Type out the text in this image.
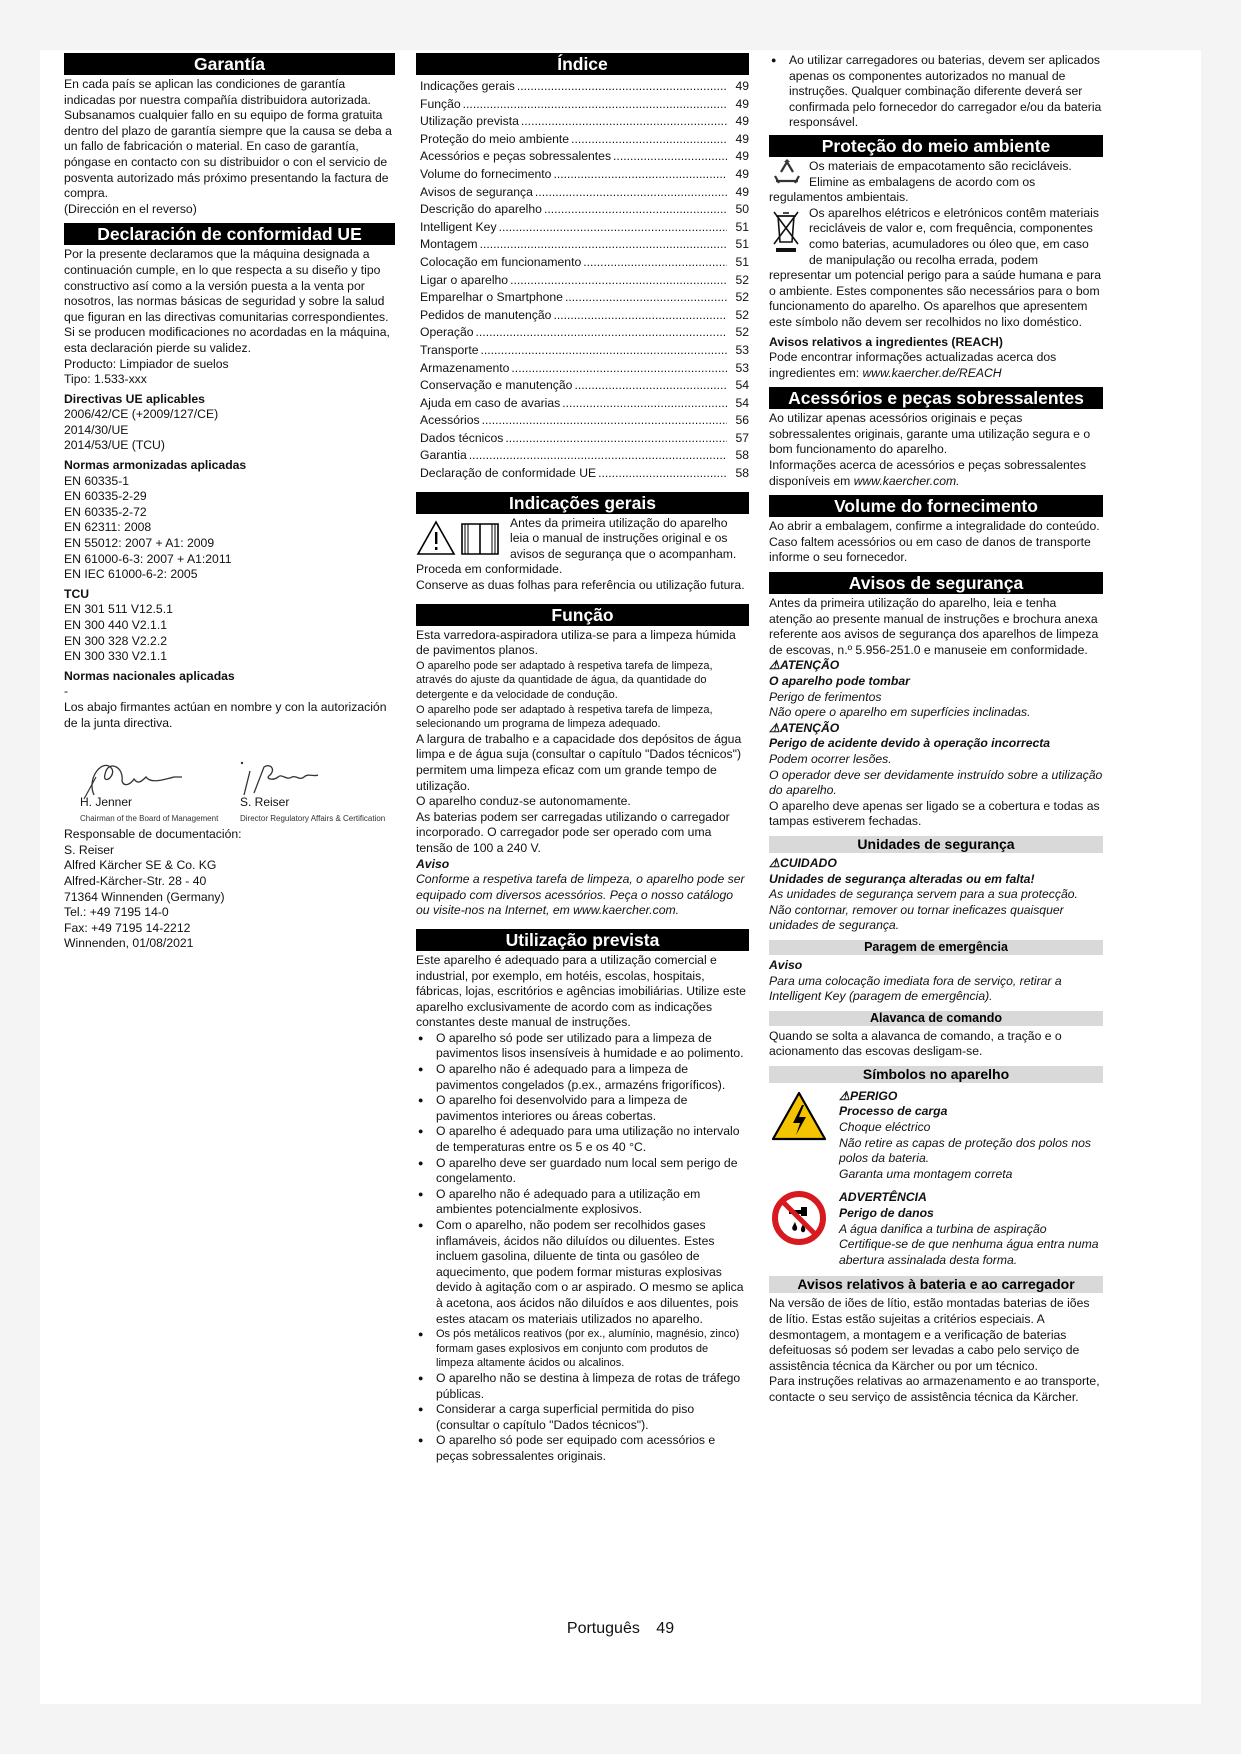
Garantía

En cada país se aplican las condiciones de garantía indicadas por nuestra compañía distribuidora autorizada. Subsanamos cualquier fallo en su equipo de forma gratuita dentro del plazo de garantía siempre que la causa se deba a un fallo de fabricación o material. En caso de garantía, póngase en contacto con su distribuidor o con el servicio de posventa autorizado más próximo presentando la factura de compra.

(Dirección en el reverso)

Declaración de conformidad UE

Por la presente declaramos que la máquina designada a continuación cumple, en lo que respecta a su diseño y tipo constructivo así como a la versión puesta a la venta por nosotros, las normas básicas de seguridad y sobre la salud que figuran en las directivas comunitarias correspondientes. Si se producen modificaciones no acordadas en la máquina, esta declaración pierde su validez.

Producto: Limpiador de suelos

Tipo: 1.533-xxx

Directivas UE aplicables

2006/42/CE (+2009/127/CE)

2014/30/UE

2014/53/UE (TCU)

Normas armonizadas aplicadas

EN 60335-1

EN 60335-2-29

EN 60335-2-72

EN 62311: 2008

EN 55012: 2007 + A1: 2009

EN 61000-6-3: 2007 + A1:2011

EN IEC 61000-6-2: 2005

TCU

EN 301 511 V12.5.1

EN 300 440 V2.1.1

EN 300 328 V2.2.2

EN 300 330 V2.1.1

Normas nacionales aplicadas

-

Los abajo firmantes actúan en nombre y con la autorización de la junta directiva.

H. Jenner
Chairman of the Board of Management
S. Reiser
Director Regulatory Affairs & Certification

Responsable de documentación:

S. Reiser

Alfred Kärcher SE & Co. KG

Alfred-Kärcher-Str. 28 - 40

71364 Winnenden (Germany)

Tel.: +49 7195 14-0

Fax: +49 7195 14-2212

Winnenden, 01/08/2021

Índice
Indicações gerais .....	49
Função .....	49
Utilização prevista .....	49
Proteção do meio ambiente .....	49
Acessórios e peças sobressalentes .....	49
Volume do fornecimento .....	49
Avisos de segurança .....	49
Descrição do aparelho .....	50
Intelligent Key .....	51
Montagem .....	51
Colocação em funcionamento .....	51
Ligar o aparelho .....	52
Emparelhar o Smartphone .....	52
Pedidos de manutenção .....	52
Operação .....	52
Transporte .....	53
Armazenamento .....	53
Conservação e manutenção .....	54
Ajuda em caso de avarias .....	54
Acessórios .....	56
Dados técnicos .....	57
Garantia .....	58
Declaração de conformidade UE .....	58
Indicações gerais

Antes da primeira utilização do aparelho leia o manual de instruções original e os avisos de segurança que o acompanham. Proceda em conformidade.

Conserve as duas folhas para referência ou utilização futura.

Função

Esta varredora-aspiradora utiliza-se para a limpeza húmida de pavimentos planos.

O aparelho pode ser adaptado à respetiva tarefa de limpeza, através do ajuste da quantidade de água, da quantidade do detergente e da velocidade de condução.

O aparelho pode ser adaptado à respetiva tarefa de limpeza, selecionando um programa de limpeza adequado.

A largura de trabalho e a capacidade dos depósitos de água limpa e de água suja (consultar o capítulo "Dados técnicos") permitem uma limpeza eficaz com um grande tempo de utilização.

O aparelho conduz-se autonomamente.

As baterias podem ser carregadas utilizando o carregador incorporado. O carregador pode ser operado com uma tensão de 100 a 240 V.

Aviso

Conforme a respetiva tarefa de limpeza, o aparelho pode ser equipado com diversos acessórios. Peça o nosso catálogo ou visite-nos na Internet, em www.kaercher.com.

Utilização prevista

Este aparelho é adequado para a utilização comercial e industrial, por exemplo, em hotéis, escolas, hospitais, fábricas, lojas, escritórios e agências imobiliárias. Utilize este aparelho exclusivamente de acordo com as indicações constantes deste manual de instruções.

● O aparelho só pode ser utilizado para a limpeza de pavimentos lisos insensíveis à humidade e ao polimento.
● O aparelho não é adequado para a limpeza de pavimentos congelados (p.ex., armazéns frigoríficos).
● O aparelho foi desenvolvido para a limpeza de pavimentos interiores ou áreas cobertas.
● O aparelho é adequado para uma utilização no intervalo de temperaturas entre os 5 e os 40 °C.
● O aparelho deve ser guardado num local sem perigo de congelamento.
● O aparelho não é adequado para a utilização em ambientes potencialmente explosivos.
● Com o aparelho, não podem ser recolhidos gases inflamáveis, ácidos não diluídos ou diluentes. Estes incluem gasolina, diluente de tinta ou gasóleo de aquecimento, que podem formar misturas explosivas devido à agitação com o ar aspirado. O mesmo se aplica à acetona, aos ácidos não diluídos e aos diluentes, pois estes atacam os materiais utilizados no aparelho.
● Os pós metálicos reativos (por ex., alumínio, magnésio, zinco) formam gases explosivos em conjunto com produtos de limpeza altamente ácidos ou alcalinos.
● O aparelho não se destina à limpeza de rotas de tráfego públicas.
● Considerar a carga superficial permitida do piso (consultar o capítulo "Dados técnicos").
● O aparelho só pode ser equipado com acessórios e peças sobressalentes originais.
● Ao utilizar carregadores ou baterias, devem ser aplicados apenas os componentes autorizados no manual de instruções. Qualquer combinação diferente deverá ser confirmada pelo fornecedor do carregador e/ou da bateria responsável.
Proteção do meio ambiente

Os materiais de empacotamento são recicláveis. Elimine as embalagens de acordo com os regulamentos ambientais.

Os aparelhos elétricos e eletrónicos contêm materiais recicláveis de valor e, com frequência, componentes como baterias, acumuladores ou óleo que, em caso de manipulação ou recolha errada, podem representar um potencial perigo para a saúde humana e para o ambiente. Estes componentes são necessários para o bom funcionamento do aparelho. Os aparelhos que apresentem este símbolo não devem ser recolhidos no lixo doméstico.

Avisos relativos a ingredientes (REACH)

Pode encontrar informações actualizadas acerca dos ingredientes em: www.kaercher.de/REACH

Acessórios e peças sobressalentes

Ao utilizar apenas acessórios originais e peças sobressalentes originais, garante uma utilização segura e o bom funcionamento do aparelho.

Informações acerca de acessórios e peças sobressalentes disponíveis em www.kaercher.com.

Volume do fornecimento

Ao abrir a embalagem, confirme a integralidade do conteúdo. Caso faltem acessórios ou em caso de danos de transporte informe o seu fornecedor.

Avisos de segurança

Antes da primeira utilização do aparelho, leia e tenha atenção ao presente manual de instruções e brochura anexa referente aos avisos de segurança dos aparelhos de limpeza de escovas, n.º 5.956-251.0 e manuseie em conformidade.

⚠ATENÇÃO

O aparelho pode tombar

Perigo de ferimentos

Não opere o aparelho em superfícies inclinadas.

⚠ATENÇÃO

Perigo de acidente devido à operação incorrecta

Podem ocorrer lesões.

O operador deve ser devidamente instruído sobre a utilização do aparelho.

O aparelho deve apenas ser ligado se a cobertura e todas as tampas estiverem fechadas.

Unidades de segurança

⚠CUIDADO

Unidades de segurança alteradas ou em falta!

As unidades de segurança servem para a sua protecção.

Não contornar, remover ou tornar ineficazes quaisquer unidades de segurança.

Paragem de emergência

Aviso

Para uma colocação imediata fora de serviço, retirar a Intelligent Key (paragem de emergência).

Alavanca de comando

Quando se solta a alavanca de comando, a tração e o acionamento das escovas desligam-se.

Símbolos no aparelho

⚠PERIGO

Processo de carga

Choque eléctrico

Não retire as capas de proteção dos polos nos polos da bateria.

Garanta uma montagem correta

ADVERTÊNCIA

Perigo de danos

A água danifica a turbina de aspiração

Certifique-se de que nenhuma água entra numa abertura assinalada desta forma.

Avisos relativos à bateria e ao carregador

Na versão de iões de lítio, estão montadas baterias de iões de lítio. Estas estão sujeitas a critérios especiais. A desmontagem, a montagem e a verificação de baterias defeituosas só podem ser levadas a cabo pelo serviço de assistência técnica da Kärcher ou por um técnico.

Para instruções relativas ao armazenamento e ao transporte, contacte o seu serviço de assistência técnica da Kärcher.

Português 49
